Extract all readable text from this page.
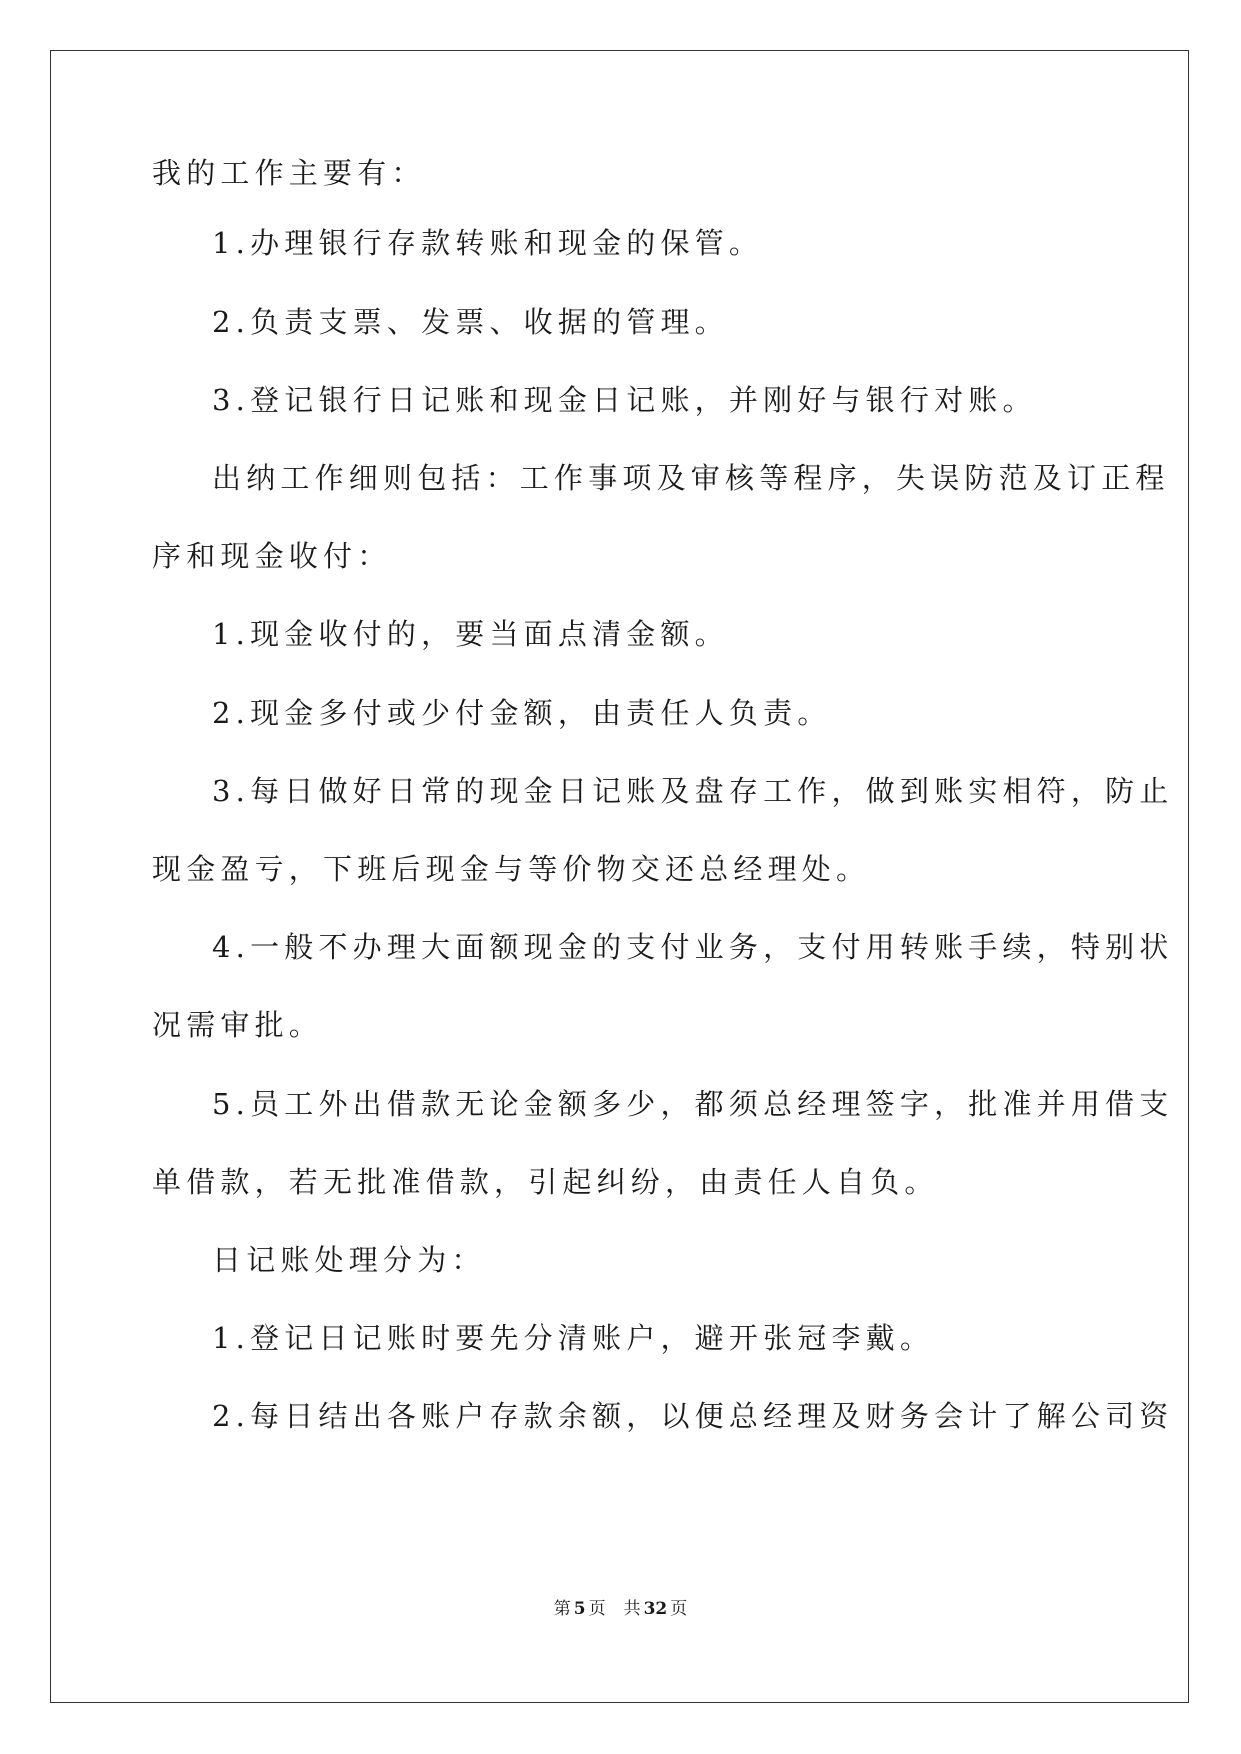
我的工作主要有：
1.办理银行存款转账和现金的保管。
2.负责支票、发票、收据的管理。
3.登记银行日记账和现金日记账，并刚好与银行对账。
出纳工作细则包括：工作事项及审核等程序，失误防范及订正程
序和现金收付：
1.现金收付的，要当面点清金额。
2.现金多付或少付金额，由责任人负责。
3.每日做好日常的现金日记账及盘存工作，做到账实相符，防止
现金盈亏，下班后现金与等价物交还总经理处。
4.一般不办理大面额现金的支付业务，支付用转账手续，特别状
况需审批。
5.员工外出借款无论金额多少，都须总经理签字，批准并用借支
单借款，若无批准借款，引起纠纷，由责任人自负。
日记账处理分为：
1.登记日记账时要先分清账户，避开张冠李戴。
2.每日结出各账户存款余额，以便总经理及财务会计了解公司资
第 5 页 共 32 页
